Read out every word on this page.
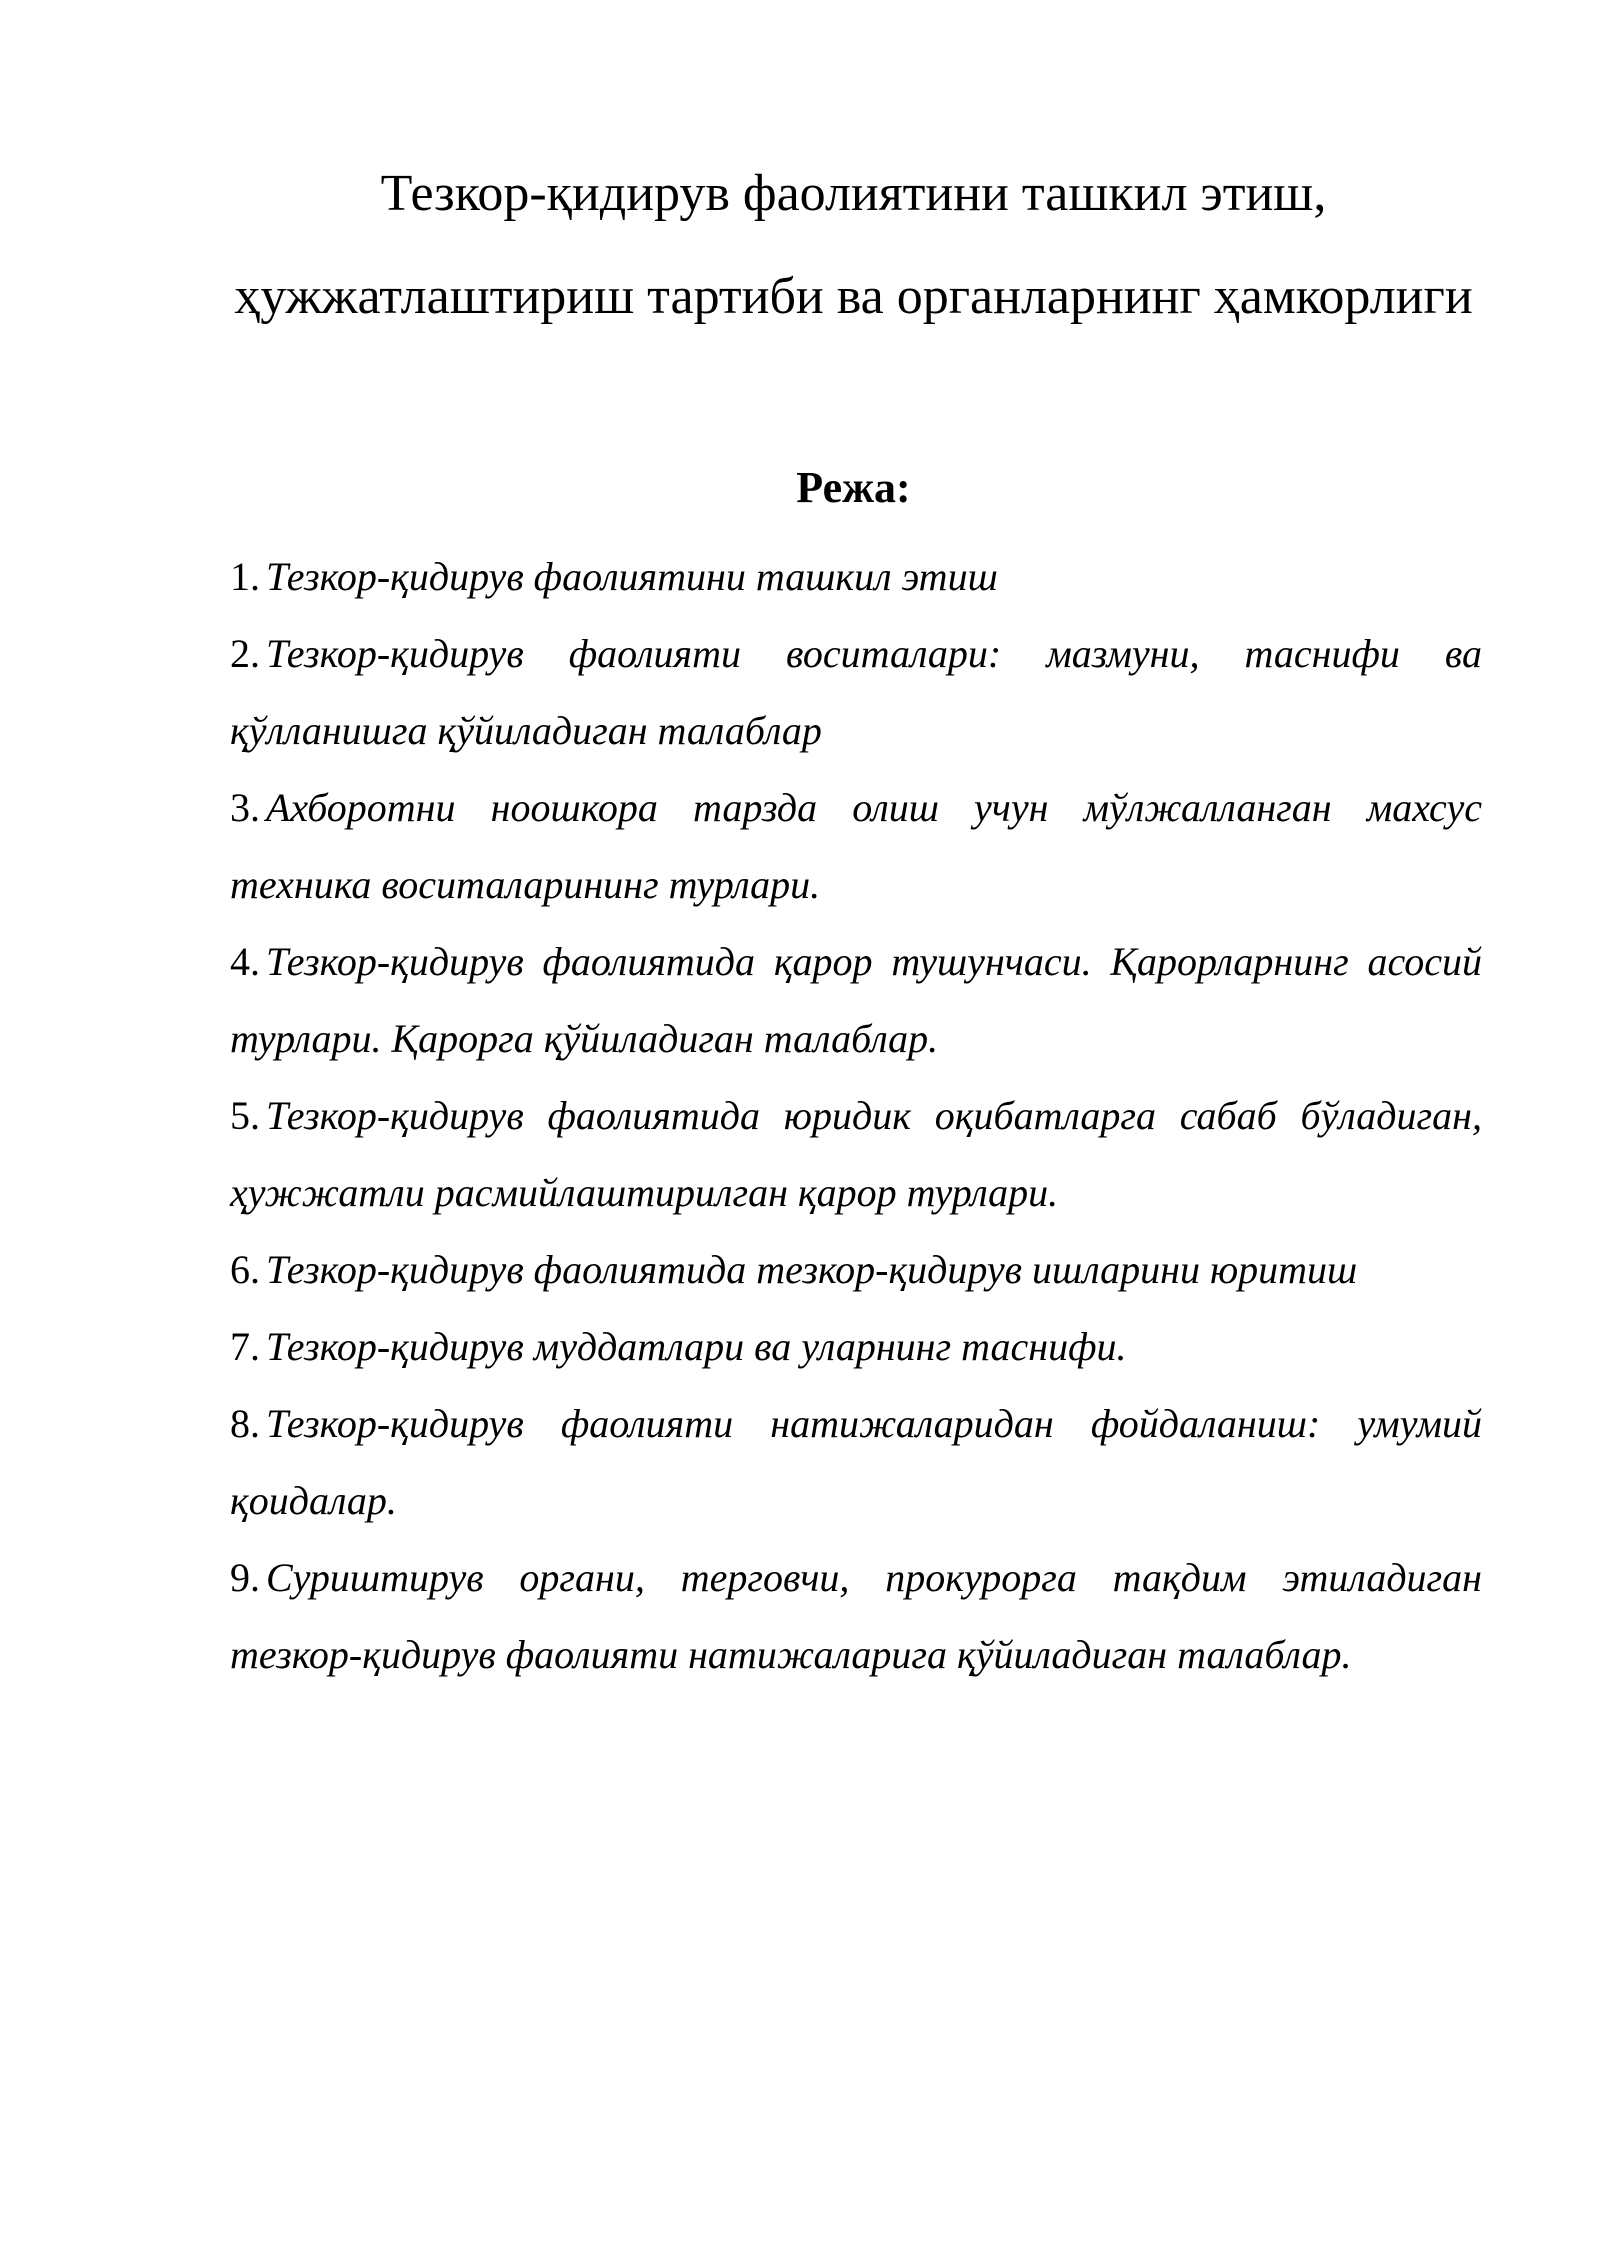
Тезкор-қидирув фаолиятини ташкил этиш, ҳужжатлаштириш тартиби ва органларнинг ҳамкорлиги
Режа:
1. Тезкор-қидирув фаолиятини ташкил этиш
2. Тезкор-қидирув фаолияти воситалари: мазмуни, таснифи ва қўлланишга қўйиладиган талаблар
3. Ахборотни ноошкора тарзда олиш учун мўлжалланган махсус техника воситаларининг турлари.
4. Тезкор-қидирув фаолиятида қарор тушунчаси. Қарорларнинг асосий турлари. Қарорга қўйиладиган талаблар.
5. Тезкор-қидирув фаолиятида юридик оқибатларга сабаб бўладиган, ҳужжатли расмийлаштирилган қарор турлари.
6. Тезкор-қидирув фаолиятида тезкор-қидирув ишларини юритиш
7. Тезкор-қидирув муддатлари ва уларнинг таснифи.
8. Тезкор-қидирув фаолияти натижаларидан фойдаланиш: умумий қоидалар.
9. Суриштирув органи, терговчи, прокурорга тақдим этиладиган тезкор-қидирув фаолияти натижаларига қўйиладиган талаблар.
